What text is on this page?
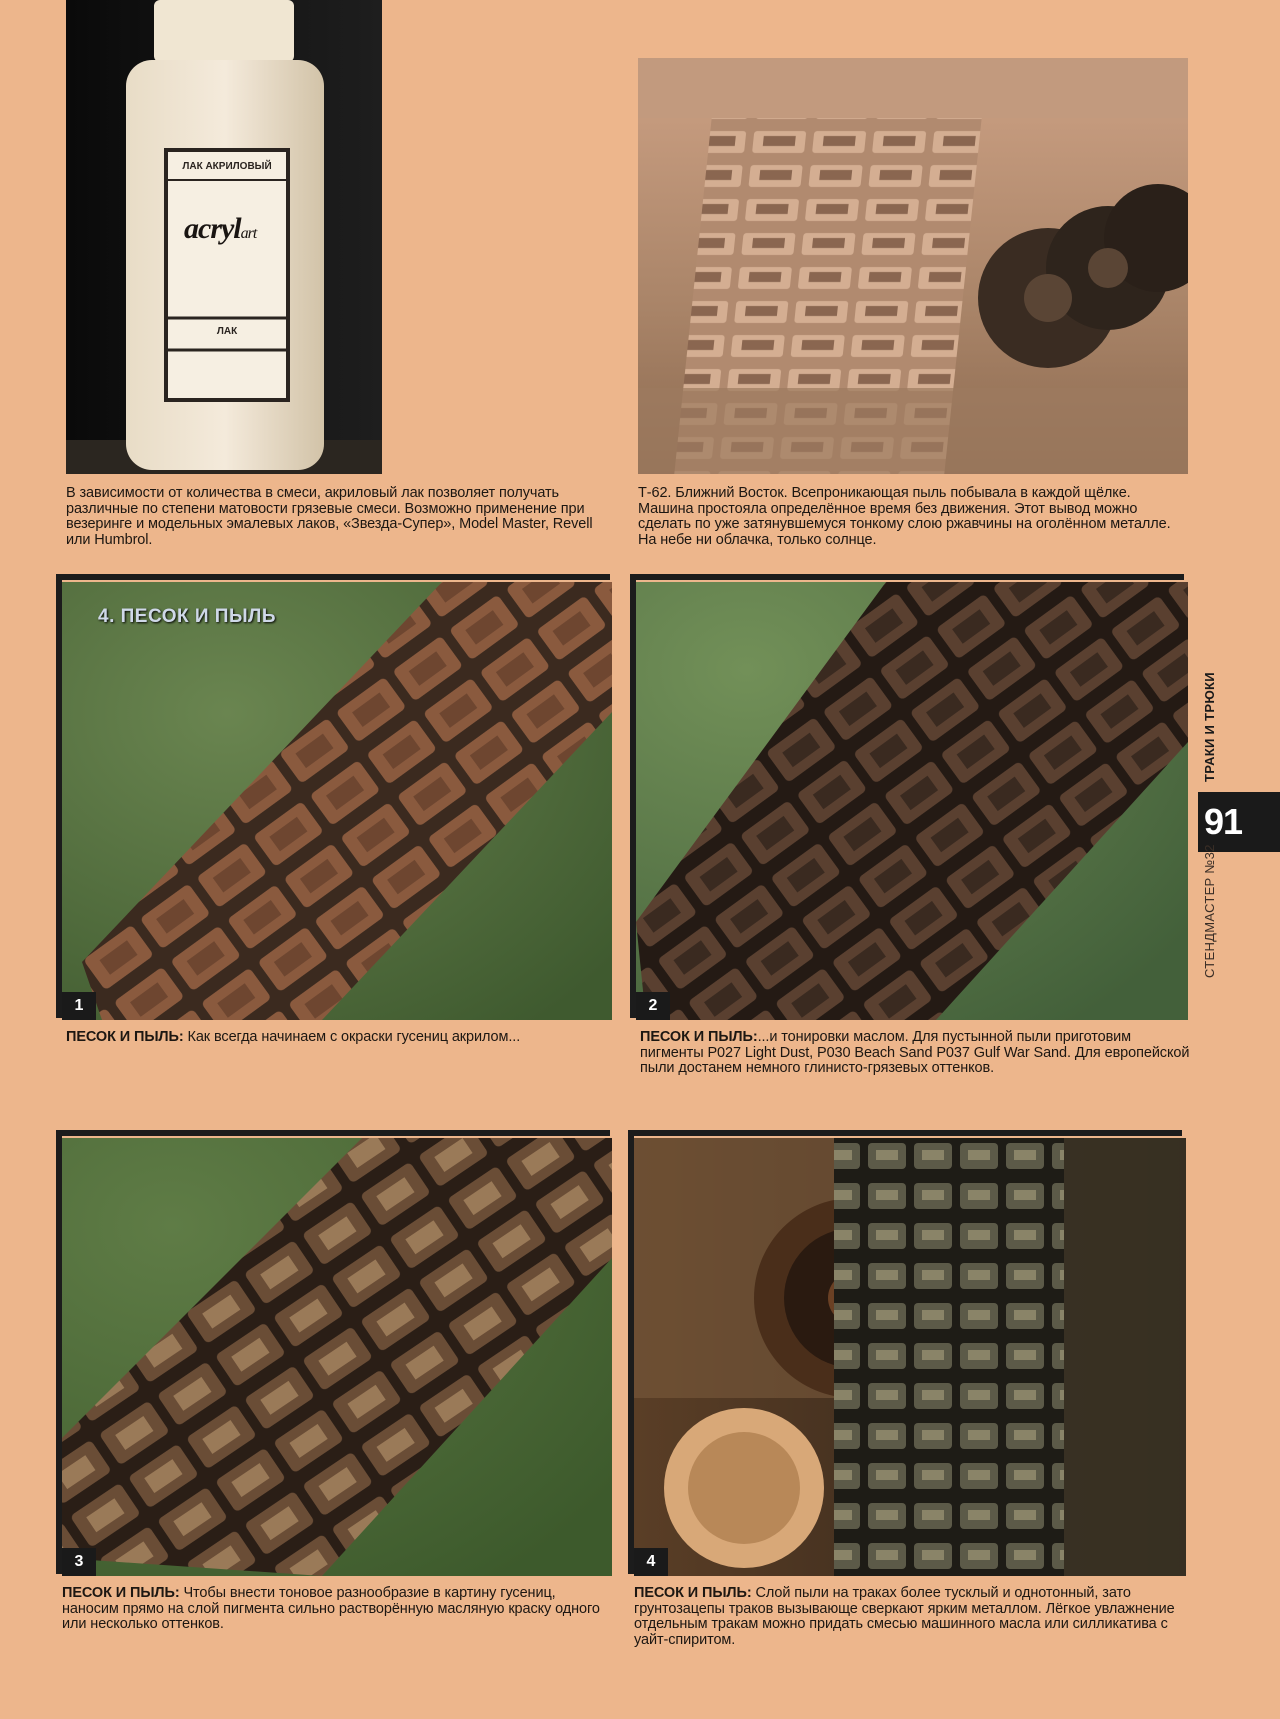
ЛАК АКРИЛОВЫЙ
acrylart
ЛАК
В зависимости от количества в смеси, акриловый лак позволяет получать различные по степени матовости грязевые смеси. Возможно применение при везеринге и модельных эмалевых лаков, «Звезда-Супер», Model Master, Revell или Humbrol.
Т-62. Ближний Восток. Всепроникающая пыль побывала в каждой щёлке. Машина простояла определённое время без движения. Этот вывод можно сделать по уже затянувшемуся тонкому слою ржавчины на оголённом металле. На небе ни облачка, только солнце.
4. ПЕСОК И ПЫЛЬ
1
ПЕСОК И ПЫЛЬ: Как всегда начинаем с окраски гусениц акрилом...
2
ПЕСОК И ПЫЛЬ:...и тонировки маслом. Для пустынной пыли приготовим пигменты Р027 Light Dust, Р030 Beach Sand Р037 Gulf War Sand. Для европейской пыли достанем немного глинисто-грязевых оттенков.
3
ПЕСОК И ПЫЛЬ: Чтобы внести тоновое разнообразие в картину гусениц, наносим прямо на слой пигмента сильно растворённую масляную краску одного или несколько оттенков.
4
ПЕСОК И ПЫЛЬ: Слой пыли на траках более тусклый и однотонный, зато грунтозацепы траков вызывающе сверкают ярким металлом. Лёгкое увлажнение отдельным тракам можно придать смесью машинного масла или силликатива с уайт-спиритом.
ТРАКИ И ТРЮКИ
91
СТЕНДМАСТЕР №32
